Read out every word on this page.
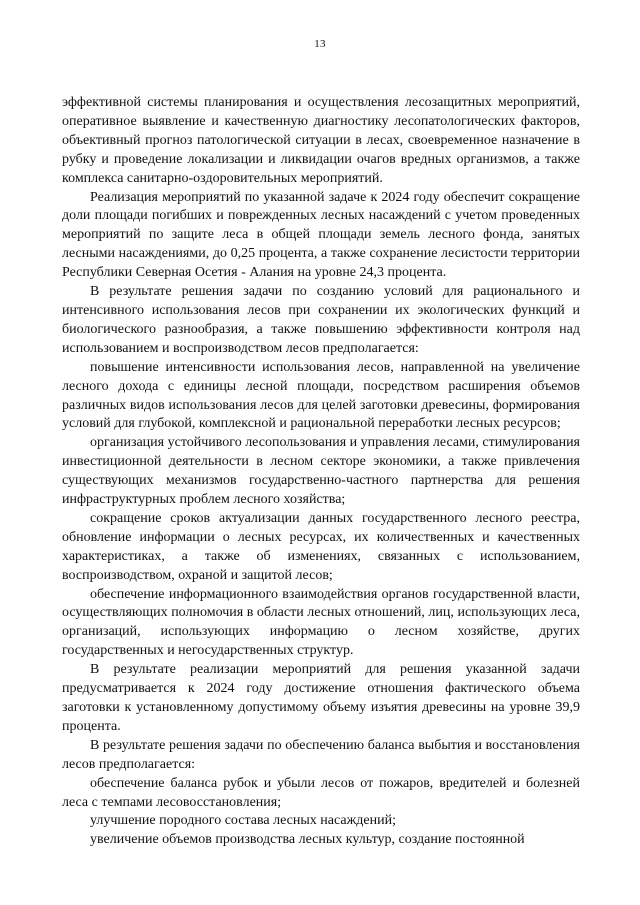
13

эффективной системы планирования и осуществления лесозащитных мероприятий, оперативное выявление и качественную диагностику лесопатологических факторов, объективный прогноз патологической ситуации в лесах, своевременное назначение в рубку и проведение локализации и ликвидации очагов вредных организмов, а также комплекса санитарно-оздоровительных мероприятий.

Реализация мероприятий по указанной задаче к 2024 году обеспечит сокращение доли площади погибших и поврежденных лесных насаждений с учетом проведенных мероприятий по защите леса в общей площади земель лесного фонда, занятых лесными насаждениями, до 0,25 процента, а также сохранение лесистости территории Республики Северная Осетия - Алания на уровне 24,3 процента.

В результате решения задачи по созданию условий для рационального и интенсивного использования лесов при сохранении их экологических функций и биологического разнообразия, а также повышению эффективности контроля над использованием и воспроизводством лесов предполагается:

повышение интенсивности использования лесов, направленной на увеличение лесного дохода с единицы лесной площади, посредством расширения объемов различных видов использования лесов для целей заготовки древесины, формирования условий для глубокой, комплексной и рациональной переработки лесных ресурсов;

организация устойчивого лесопользования и управления лесами, стимулирования инвестиционной деятельности в лесном секторе экономики, а также привлечения существующих механизмов государственно-частного партнерства для решения инфраструктурных проблем лесного хозяйства;

сокращение сроков актуализации данных государственного лесного реестра, обновление информации о лесных ресурсах, их количественных и качественных характеристиках, а также об изменениях, связанных с использованием, воспроизводством, охраной и защитой лесов;

обеспечение информационного взаимодействия органов государственной власти, осуществляющих полномочия в области лесных отношений, лиц, использующих леса, организаций, использующих информацию о лесном хозяйстве, других государственных и негосударственных структур.

В результате реализации мероприятий для решения указанной задачи предусматривается к 2024 году достижение отношения фактического объема заготовки к установленному допустимому объему изъятия древесины на уровне 39,9 процента.

В результате решения задачи по обеспечению баланса выбытия и восстановления лесов предполагается:

обеспечение баланса рубок и убыли лесов от пожаров, вредителей и болезней леса с темпами лесовосстановления;

улучшение породного состава лесных насаждений;

увеличение объемов производства лесных культур, создание постоянной
